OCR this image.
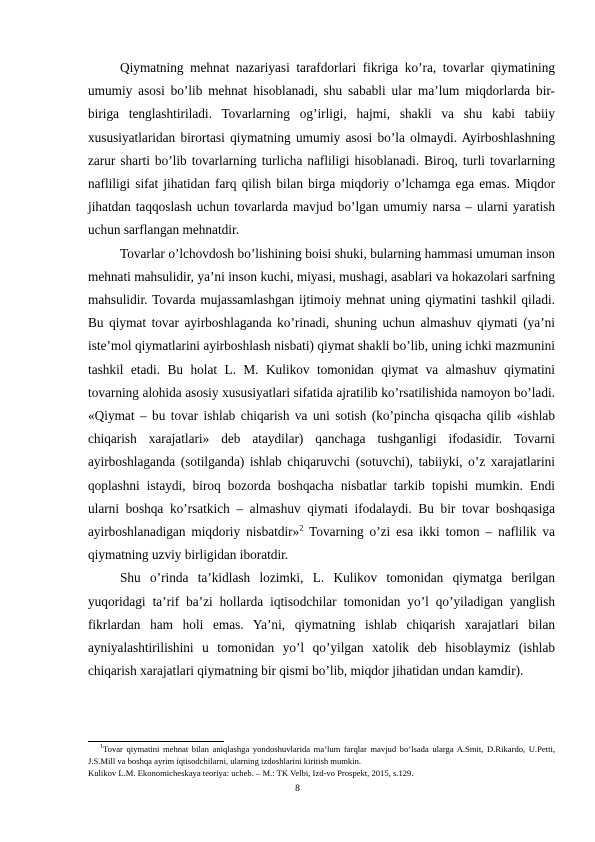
Qiymatning mehnat nazariyasi tarafdorlari fikriga ko’ra, tovarlar qiymatining umumiy asosi bo’lib mehnat hisoblanadi, shu sababli ular ma’lum miqdorlarda bir- biriga tenglashtiriladi. Tovarlarning og’irligi, hajmi, shakli va shu kabi tabiiy xususiyatlaridan birortasi qiymatning umumiy asosi bo’la olmaydi. Ayirboshlashning zarur sharti bo’lib tovarlarning turlicha nafliligi hisoblanadi. Biroq, turli tovarlarning nafliligi sifat jihatidan farq qilish bilan birga miqdoriy o’lchamga ega emas. Miqdor jihatdan taqqoslash uchun tovarlarda mavjud bo’lgan umumiy narsa – ularni yaratish uchun sarflangan mehnatdir.

Tovarlar o’lchovdosh bo’lishining boisi shuki, bularning hammasi umuman inson mehnati mahsulidir, ya’ni inson kuchi, miyasi, mushagi, asablari va hokazolari sarfning mahsulidir. Tovarda mujassamlashgan ijtimoiy mehnat uning qiymatini tashkil qiladi. Bu qiymat tovar ayirboshlaganda ko’rinadi, shuning uchun almashuv qiymati (ya’ni iste’mol qiymatlarini ayirboshlash nisbati) qiymat shakli bo’lib, uning ichki mazmunini tashkil etadi. Bu holat L. M. Kulikov tomonidan qiymat va almashuv qiymatini tovarning alohida asosiy xususiyatlari sifatida ajratilib ko’rsatilishida namoyon bo’ladi. «Qiymat – bu tovar ishlab chiqarish va uni sotish (ko’pincha qisqacha qilib «ishlab chiqarish xarajatlari» deb ataydilar) qanchaga tushganligi ifodasidir. Tovarni ayirboshlaganda (sotilganda) ishlab chiqaruvchi (sotuvchi), tabiiyki, o’z xarajatlarini qoplashni istaydi, biroq bozorda boshqacha nisbatlar tarkib topishi mumkin. Endi ularni boshqa ko’rsatkich – almashuv qiymati ifodalaydi. Bu bir tovar boshqasiga ayirboshlanadigan miqdoriy nisbatdir»$^2$ Tovarning o’zi esa ikki tomon – naflilik va qiymatning uzviy birligidan iboratdir.

Shu o’rinda ta’kidlash lozimki, L. Kulikov tomonidan qiymatga berilgan yuqoridagi ta’rif ba’zi hollarda iqtisodchilar tomonidan yo’l qo’yiladigan yanglish fikrlardan ham holi emas. Ya’ni, qiymatning ishlab chiqarish xarajatlari bilan ayniyalashtirilishini u tomonidan yo’l qo’yilgan xatolik deb hisoblaymiz (ishlab chiqarish xarajatlari qiymatning bir qismi bo’lib, miqdor jihatidan undan kamdir).

$^1$Tovar qiymatini mehnat bilan aniqlashga yondoshuvlarida ma’lum farqlar mavjud bo‘lsada ularga A.Smit, D.Rikardo, U.Petti, J.S.Mill va boshqa ayrim iqtisodchilarni, ularning izdoshlarini kiritish mumkin.

Kulikov L.M. Ekonomicheskaya teoriya: ucheb. – M.: TK Velbi, Izd-vo Prospekt, 2015, s.129.

8
